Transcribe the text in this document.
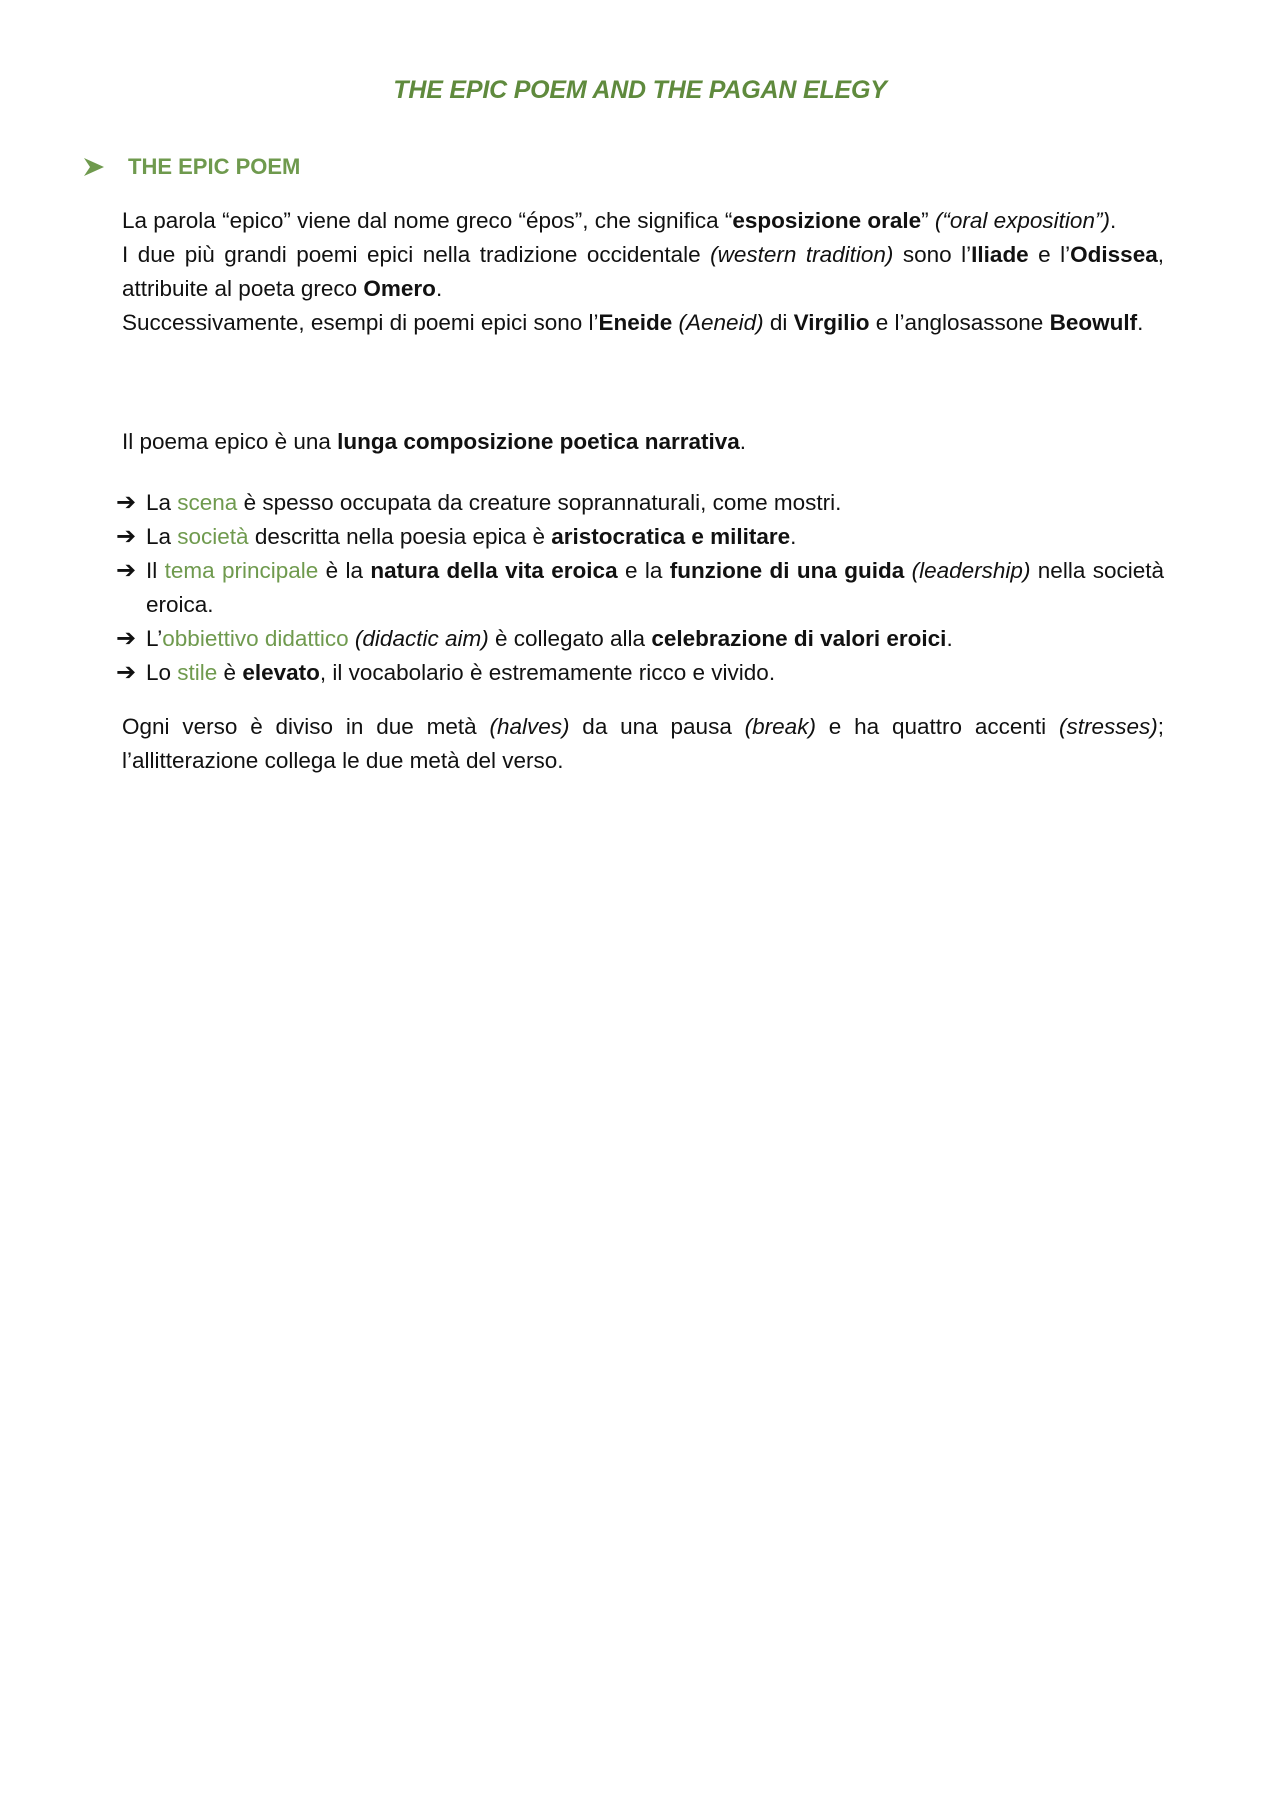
THE EPIC POEM AND THE PAGAN ELEGY
THE EPIC POEM

La parola “epico” viene dal nome greco “épos”, che significa “esposizione orale” (“oral exposition”).

I due più grandi poemi epici nella tradizione occidentale (western tradition) sono l’Iliade e l’Odissea, attribuite al poeta greco Omero.

Successivamente, esempi di poemi epici sono l’Eneide (Aeneid) di Virgilio e l’anglosassone Beowulf.

Il poema epico è una lunga composizione poetica narrativa.

➔ La scena è spesso occupata da creature soprannaturali, come mostri.
➔ La società descritta nella poesia epica è aristocratica e militare.
➔ Il tema principale è la natura della vita eroica e la funzione di una guida (leadership) nella società eroica.
➔ L’obbiettivo didattico (didactic aim) è collegato alla celebrazione di valori eroici.
➔ Lo stile è elevato, il vocabolario è estremamente ricco e vivido.

Ogni verso è diviso in due metà (halves) da una pausa (break) e ha quattro accenti (stresses); l’allitterazione collega le due metà del verso.
